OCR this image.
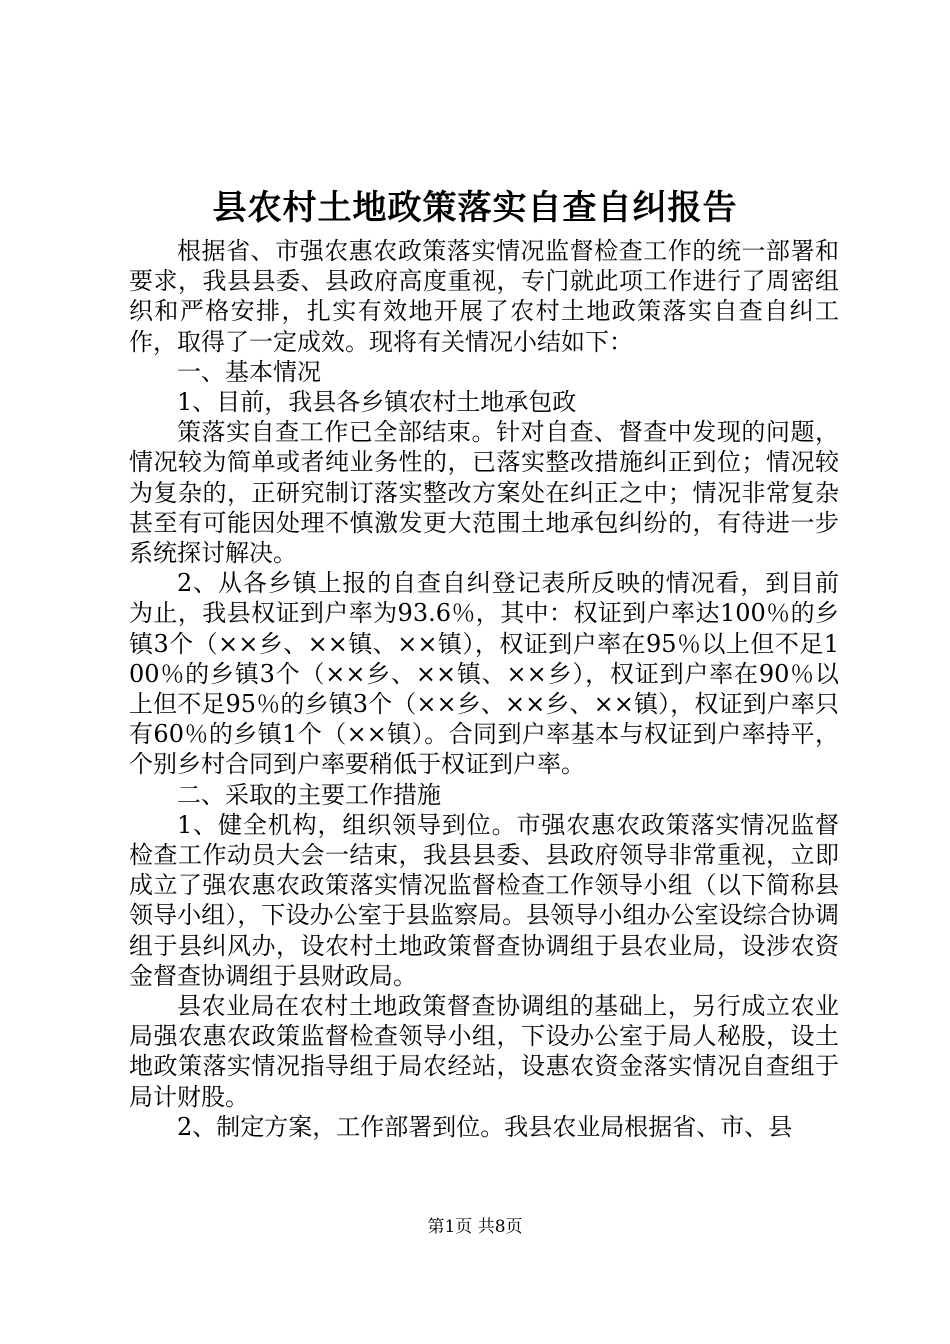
县农村土地政策落实自查自纠报告

根据省、市强农惠农政策落实情况监督检查工作的统一部署和要求，我县县委、县政府高度重视，专门就此项工作进行了周密组织和严格安排，扎实有效地开展了农村土地政策落实自查自纠工作，取得了一定成效。现将有关情况小结如下：

一、基本情况

1、目前，我县各乡镇农村土地承包政

策落实自查工作已全部结束。针对自查、督查中发现的问题，情况较为简单或者纯业务性的，已落实整改措施纠正到位；情况较为复杂的，正研究制订落实整改方案处在纠正之中；情况非常复杂甚至有可能因处理不慎激发更大范围土地承包纠纷的，有待进一步系统探讨解决。

2、从各乡镇上报的自查自纠登记表所反映的情况看，到目前为止，我县权证到户率为93.6％，其中：权证到户率达100％的乡镇3个（××乡、××镇、××镇），权证到户率在95％以上但不足100％的乡镇3个（××乡、××镇、××乡），权证到户率在90％以上但不足95％的乡镇3个（××乡、××乡、××镇），权证到户率只有60％的乡镇1个（××镇）。合同到户率基本与权证到户率持平，个别乡村合同到户率要稍低于权证到户率。

二、采取的主要工作措施

1、健全机构，组织领导到位。市强农惠农政策落实情况监督检查工作动员大会一结束，我县县委、县政府领导非常重视，立即成立了强农惠农政策落实情况监督检查工作领导小组（以下简称县领导小组），下设办公室于县监察局。县领导小组办公室设综合协调组于县纠风办，设农村土地政策督查协调组于县农业局，设涉农资金督查协调组于县财政局。

县农业局在农村土地政策督查协调组的基础上，另行成立农业局强农惠农政策监督检查领导小组，下设办公室于局人秘股，设土地政策落实情况指导组于局农经站，设惠农资金落实情况自查组于局计财股。

2、制定方案，工作部署到位。我县农业局根据省、市、县

第1页 共8页
